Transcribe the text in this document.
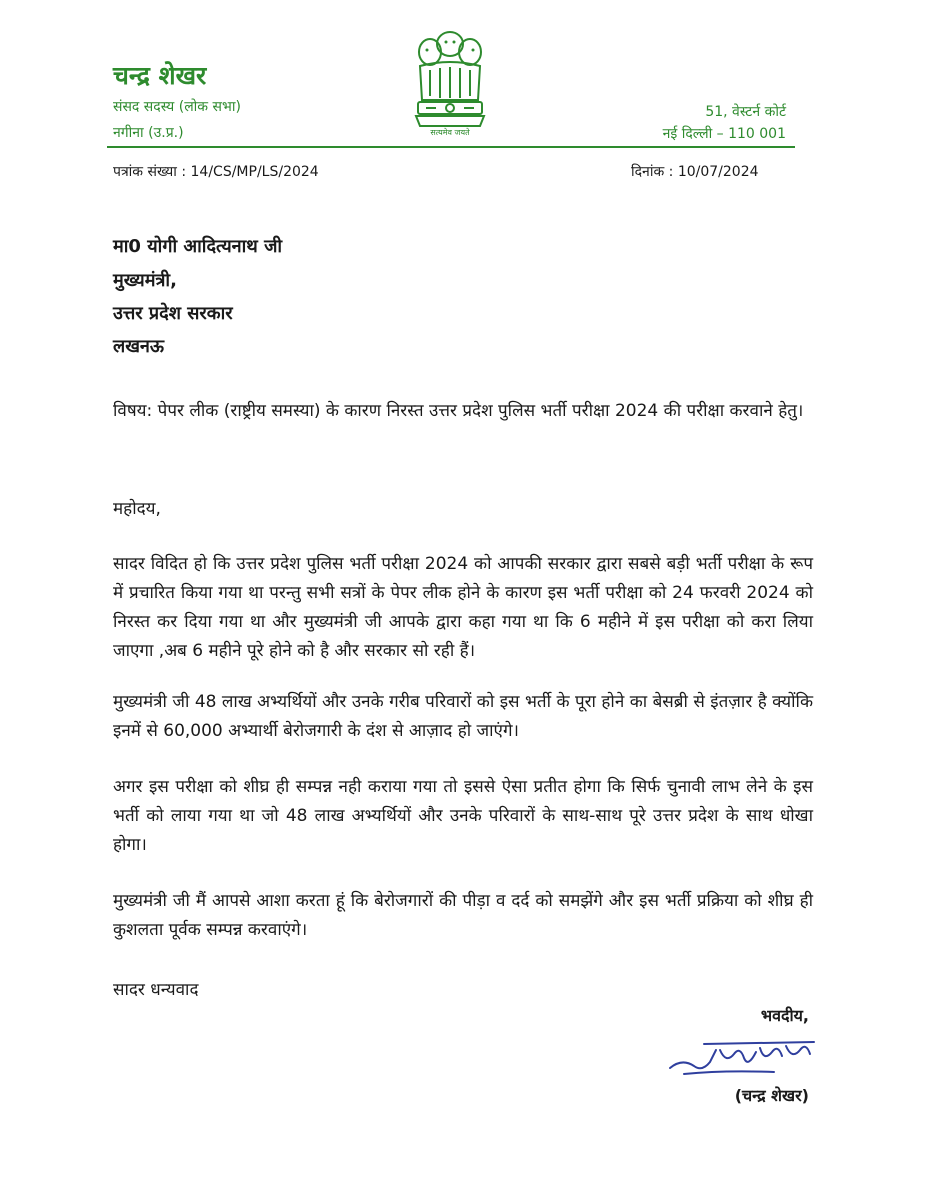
चन्द्र शेखर
संसद सदस्य (लोक सभा)
नगीना (उ.प्र.)	सत्यमेव जयते
51, वेस्टर्न कोर्ट
नई दिल्ली – 110 001
पत्रांक संख्या : 14/CS/MP/LS/2024	दिनांक : 10/07/2024
मा0 योगी आदित्यनाथ जी
मुख्यमंत्री,
उत्तर प्रदेश सरकार
लखनऊ
विषय: पेपर लीक (राष्ट्रीय समस्या) के कारण निरस्त उत्तर प्रदेश पुलिस भर्ती परीक्षा 2024 की परीक्षा करवाने हेतु।
महोदय,
सादर विदित हो कि उत्तर प्रदेश पुलिस भर्ती परीक्षा 2024 को आपकी सरकार द्वारा सबसे बड़ी भर्ती परीक्षा के रूप में प्रचारित किया गया था परन्तु सभी सत्रों के पेपर लीक होने के कारण इस भर्ती परीक्षा को 24 फरवरी 2024 को निरस्त कर दिया गया था और मुख्यमंत्री जी आपके द्वारा कहा गया था कि 6 महीने में इस परीक्षा को करा लिया जाएगा ,अब 6 महीने पूरे होने को है और सरकार सो रही हैं।
मुख्यमंत्री जी 48 लाख अभ्यर्थियों और उनके गरीब परिवारों को इस भर्ती के पूरा होने का बेसब्री से इंतज़ार है क्योंकि इनमें से 60,000 अभ्यार्थी बेरोजगारी के दंश से आज़ाद हो जाएंगे।
अगर इस परीक्षा को शीघ्र ही सम्पन्न नही कराया गया तो इससे ऐसा प्रतीत होगा कि सिर्फ चुनावी लाभ लेने के इस भर्ती को लाया गया था जो 48 लाख अभ्यर्थियों और उनके परिवारों के साथ-साथ पूरे उत्तर प्रदेश के साथ धोखा होगा।
मुख्यमंत्री जी मैं आपसे आशा करता हूं कि बेरोजगारों की पीड़ा व दर्द को समझेंगे और इस भर्ती प्रक्रिया को शीघ्र ही कुशलता पूर्वक सम्पन्न करवाएंगे।
सादर धन्यवाद
भवदीय,
(चन्द्र शेखर)
